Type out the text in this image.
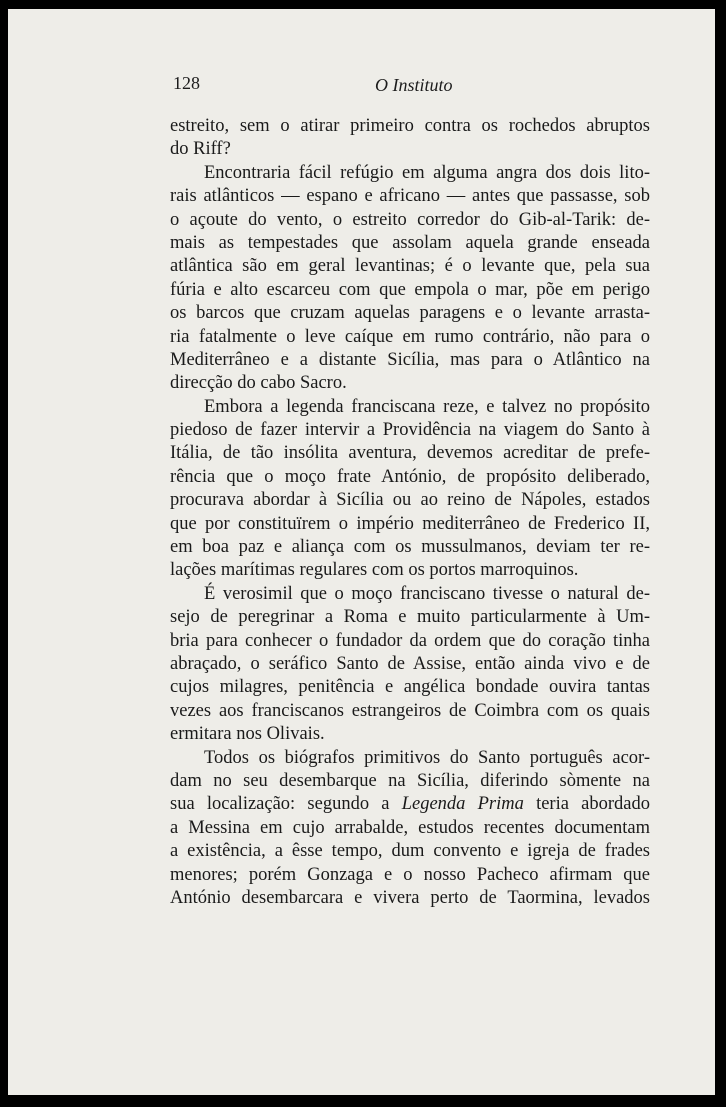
128	O Instituto
estreito, sem o atirar primeiro contra os rochedos abruptos
do Riff?
Encontraria fácil refúgio em alguma angra dos dois lito-
rais atlânticos — espano e africano — antes que passasse, sob
o açoute do vento, o estreito corredor do Gib-al-Tarik: de-
mais as tempestades que assolam aquela grande enseada
atlântica são em geral levantinas; é o levante que, pela sua
fúria e alto escarceu com que empola o mar, põe em perigo
os barcos que cruzam aquelas paragens e o levante arrasta-
ria fatalmente o leve caíque em rumo contrário, não para o
Mediterrâneo e a distante Sicília, mas para o Atlântico na
direcção do cabo Sacro.
Embora a legenda franciscana reze, e talvez no propósito
piedoso de fazer intervir a Providência na viagem do Santo à
Itália, de tão insólita aventura, devemos acreditar de prefe-
rência que o moço frate António, de propósito deliberado,
procurava abordar à Sicília ou ao reino de Nápoles, estados
que por constituïrem o império mediterrâneo de Frederico II,
em boa paz e aliança com os mussulmanos, deviam ter re-
lações marítimas regulares com os portos marroquinos.
É verosimil que o moço franciscano tivesse o natural de-
sejo de peregrinar a Roma e muito particularmente à Um-
bria para conhecer o fundador da ordem que do coração tinha
abraçado, o seráfico Santo de Assise, então ainda vivo e de
cujos milagres, penitência e angélica bondade ouvira tantas
vezes aos franciscanos estrangeiros de Coimbra com os quais
ermitara nos Olivais.
Todos os biógrafos primitivos do Santo português acor-
dam no seu desembarque na Sicília, diferindo sòmente na
sua localização: segundo a Legenda Prima teria abordado
a Messina em cujo arrabalde, estudos recentes documentam
a existência, a êsse tempo, dum convento e igreja de frades
menores; porém Gonzaga e o nosso Pacheco afirmam que
António desembarcara e vivera perto de Taormina, levados
